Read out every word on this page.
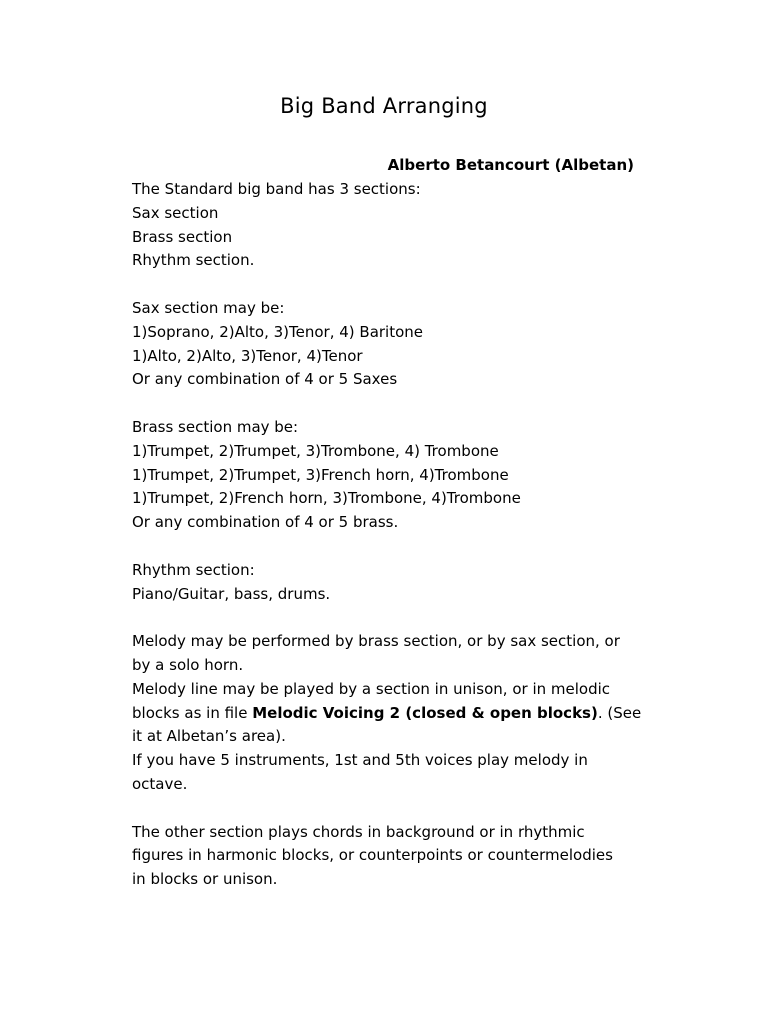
Big Band Arranging
Alberto Betancourt (Albetan)
The Standard big band has 3 sections:
Sax section
Brass section
Rhythm section.
Sax section may be:
1)Soprano, 2)Alto, 3)Tenor, 4) Baritone
1)Alto, 2)Alto, 3)Tenor, 4)Tenor
Or any combination of 4 or 5 Saxes
Brass section may be:
1)Trumpet, 2)Trumpet, 3)Trombone, 4) Trombone
1)Trumpet, 2)Trumpet, 3)French horn, 4)Trombone
1)Trumpet, 2)French horn, 3)Trombone, 4)Trombone
Or any combination of 4 or 5 brass.
Rhythm section:
Piano/Guitar, bass, drums.
Melody may be performed by brass section, or by sax section, or
by a solo horn.
Melody line may be played by a section in unison, or in melodic
blocks as in file Melodic Voicing 2 (closed & open blocks). (See
it at Albetan’s area).
If you have 5 instruments, 1st and 5th voices play melody in
octave.
The other section plays chords in background or in rhythmic
figures in harmonic blocks, or counterpoints or countermelodies
in blocks or unison.
